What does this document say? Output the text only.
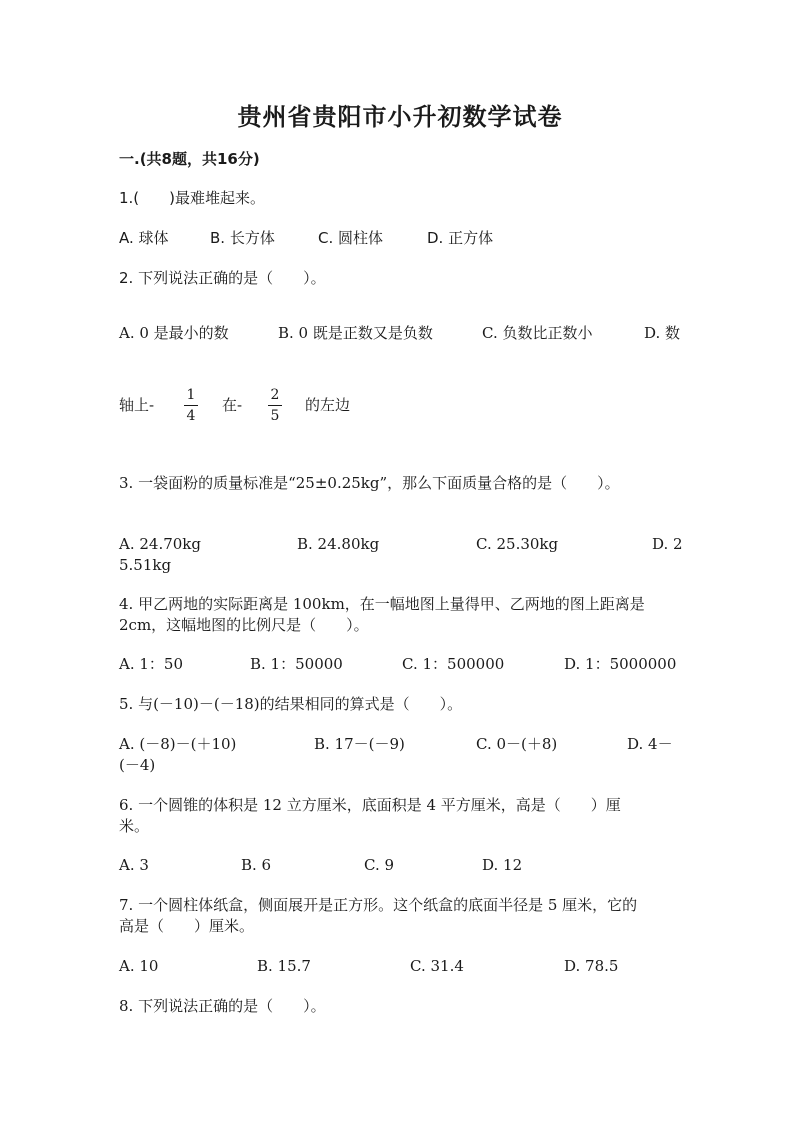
贵州省贵阳市小升初数学试卷
一.(共8题，共16分)
1.(　　)最难堆起来。
A. 球体	B. 长方体	C. 圆柱体	D. 正方体
2. 下列说法正确的是（　　）。
A. 0 是最小的数	B. 0 既是正数又是负数	C. 负数比正数小	D. 数
轴上-
1
4
在-
2
5
的左边
3. 一袋面粉的质量标准是“25±0.25kg”，那么下面质量合格的是（　　）。
A. 24.70kg	B. 24.80kg	C. 25.30kg	D. 2
5.51kg
4. 甲乙两地的实际距离是 100km，在一幅地图上量得甲、乙两地的图上距离是
2cm，这幅地图的比例尺是（　　）。
A. 1：50	B. 1：50000	C. 1：500000	D. 1：5000000
5. 与(－10)－(－18)的结果相同的算式是（　　）。
A. (－8)－(＋10)	B. 17－(－9)	C. 0－(＋8)	D. 4－
(－4)
6. 一个圆锥的体积是 12 立方厘米，底面积是 4 平方厘米，高是（　　）厘
米。
A. 3	B. 6	C. 9	D. 12
7. 一个圆柱体纸盒，侧面展开是正方形。这个纸盒的底面半径是 5 厘米，它的
高是（　　）厘米。
A. 10	B. 15.7	C. 31.4	D. 78.5
8. 下列说法正确的是（　　）。
